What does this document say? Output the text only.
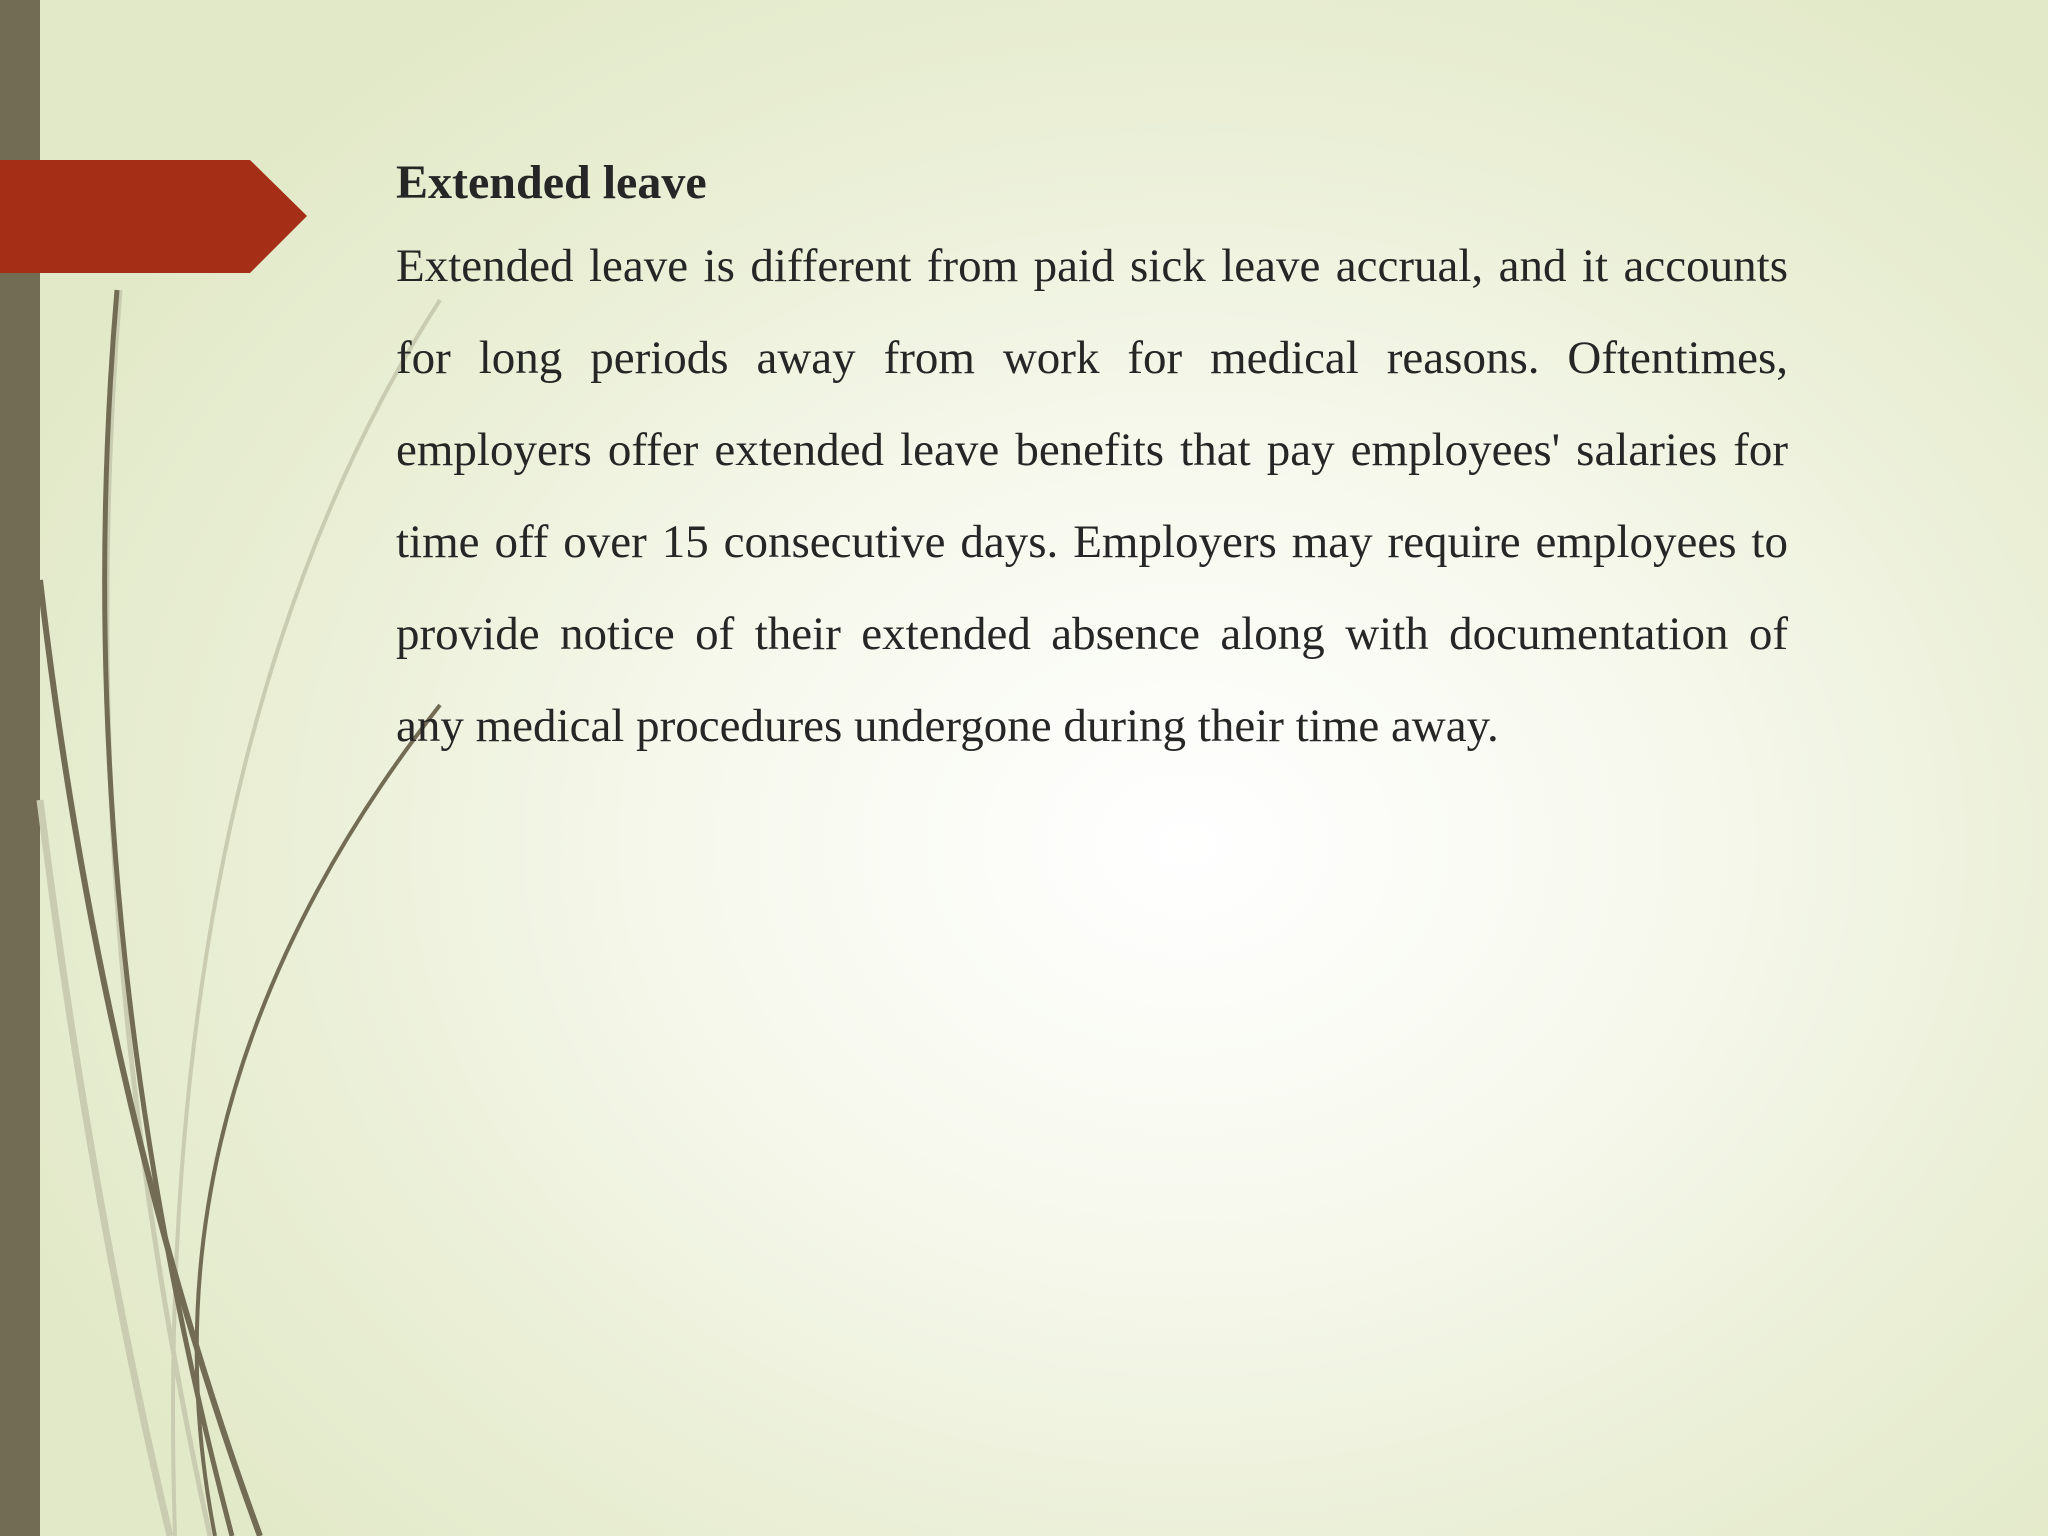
Extended leave

Extended leave is different from paid sick leave accrual, and it accounts for long periods away from work for medical reasons. Oftentimes, employers offer extended leave benefits that pay employees' salaries for time off over 15 consecutive days. Employers may require employees to provide notice of their extended absence along with documentation of any medical procedures undergone during their time away.
